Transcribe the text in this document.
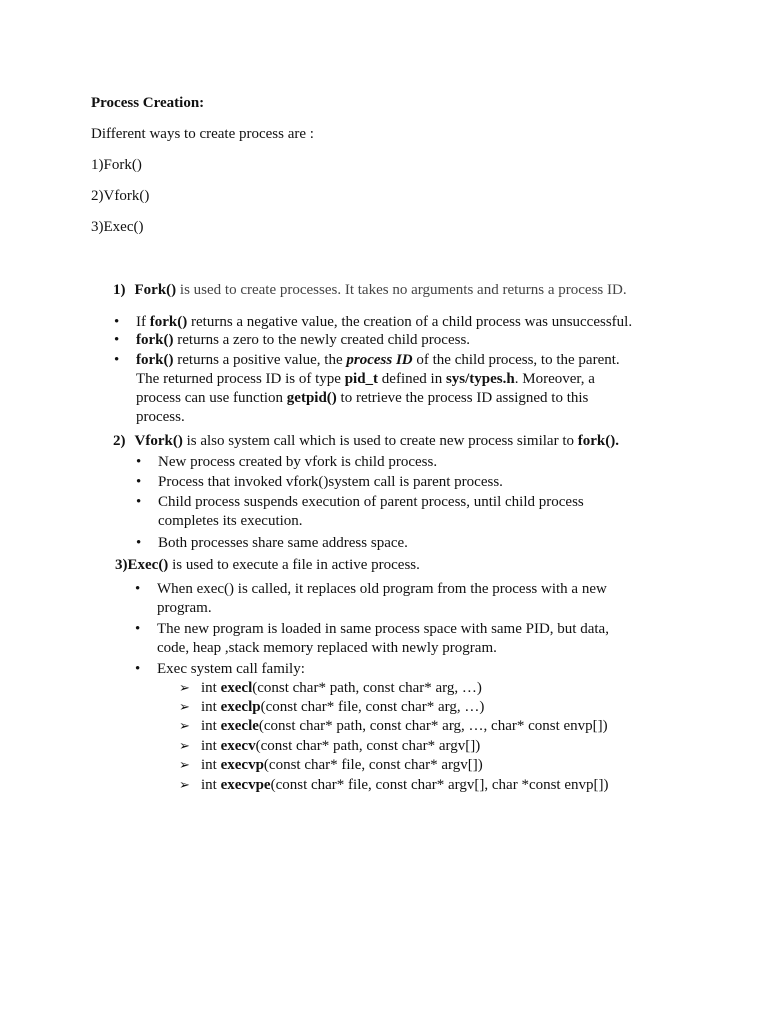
Process Creation:
Different ways to create process are :
1)Fork()
2)Vfork()
3)Exec()
1) Fork() is used to create processes. It takes no arguments and returns a process ID.
• If fork() returns a negative value, the creation of a child process was unsuccessful.
• fork() returns a zero to the newly created child process.
• fork() returns a positive value, the process ID of the child process, to the parent.
The returned process ID is of type pid_t defined in sys/types.h. Moreover, a
process can use function getpid() to retrieve the process ID assigned to this
process.
2) Vfork() is also system call which is used to create new process similar to fork().
• New process created by vfork is child process.
• Process that invoked vfork()system call is parent process.
• Child process suspends execution of parent process, until child process
completes its execution.
• Both processes share same address space.
3)Exec() is used to execute a file in active process.
• When exec() is called, it replaces old program from the process with a new
program.
• The new program is loaded in same process space with same PID, but data,
code, heap ,stack memory replaced with newly program.
• Exec system call family:
➢ int execl(const char* path, const char* arg, …)
➢ int execlp(const char* file, const char* arg, …)
➢ int execle(const char* path, const char* arg, …, char* const envp[])
➢ int execv(const char* path, const char* argv[])
➢ int execvp(const char* file, const char* argv[])
➢ int execvpe(const char* file, const char* argv[], char *const envp[])
